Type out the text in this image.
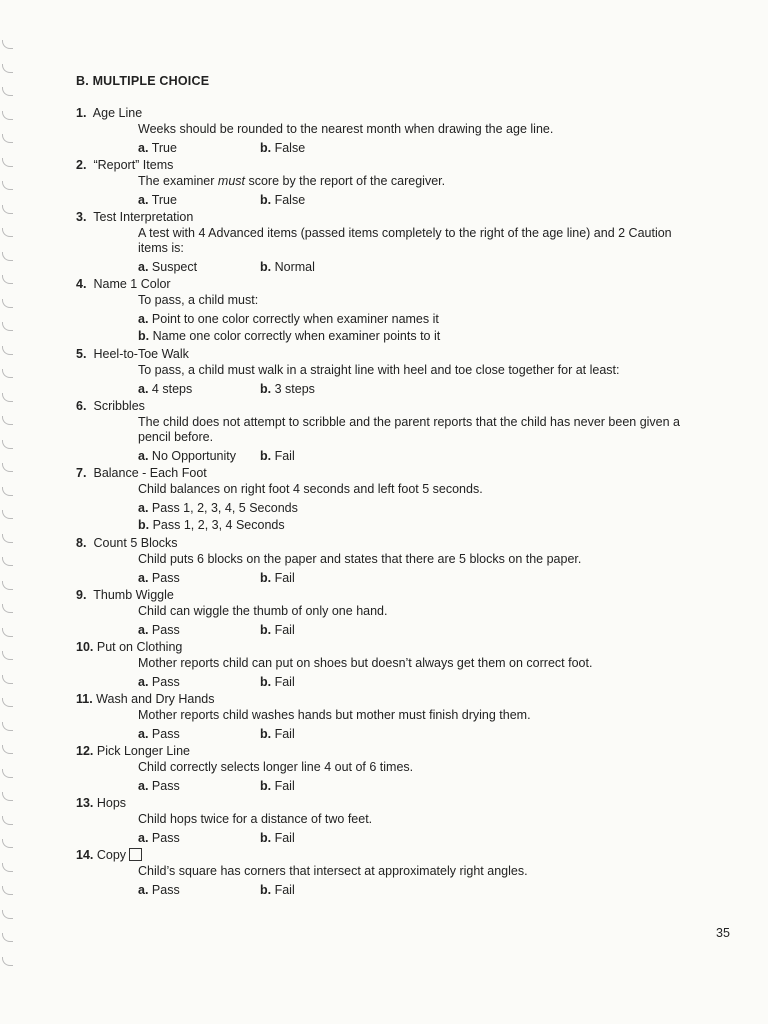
B. MULTIPLE CHOICE
1. Age Line
Weeks should be rounded to the nearest month when drawing the age line.
a. True	b. False
2. “Report” Items
The examiner must score by the report of the caregiver.
a. True	b. False
3. Test Interpretation
A test with 4 Advanced items (passed items completely to the right of the age line) and 2 Caution items is:
a. Suspect	b. Normal
4. Name 1 Color
To pass, a child must:
a. Point to one color correctly when examiner names it
b. Name one color correctly when examiner points to it
5. Heel-to-Toe Walk
To pass, a child must walk in a straight line with heel and toe close together for at least:
a. 4 steps	b. 3 steps
6. Scribbles
The child does not attempt to scribble and the parent reports that the child has never been given a pencil before.
a. No Opportunity	b. Fail
7. Balance - Each Foot
Child balances on right foot 4 seconds and left foot 5 seconds.
a. Pass 1, 2, 3, 4, 5 Seconds
b. Pass 1, 2, 3, 4 Seconds
8. Count 5 Blocks
Child puts 6 blocks on the paper and states that there are 5 blocks on the paper.
a. Pass	b. Fail
9. Thumb Wiggle
Child can wiggle the thumb of only one hand.
a. Pass	b. Fail
10. Put on Clothing
Mother reports child can put on shoes but doesn’t always get them on correct foot.
a. Pass	b. Fail
11. Wash and Dry Hands
Mother reports child washes hands but mother must finish drying them.
a. Pass	b. Fail
12. Pick Longer Line
Child correctly selects longer line 4 out of 6 times.
a. Pass	b. Fail
13. Hops
Child hops twice for a distance of two feet.
a. Pass	b. Fail
14. Copy
Child’s square has corners that intersect at approximately right angles.
a. Pass	b. Fail
35
